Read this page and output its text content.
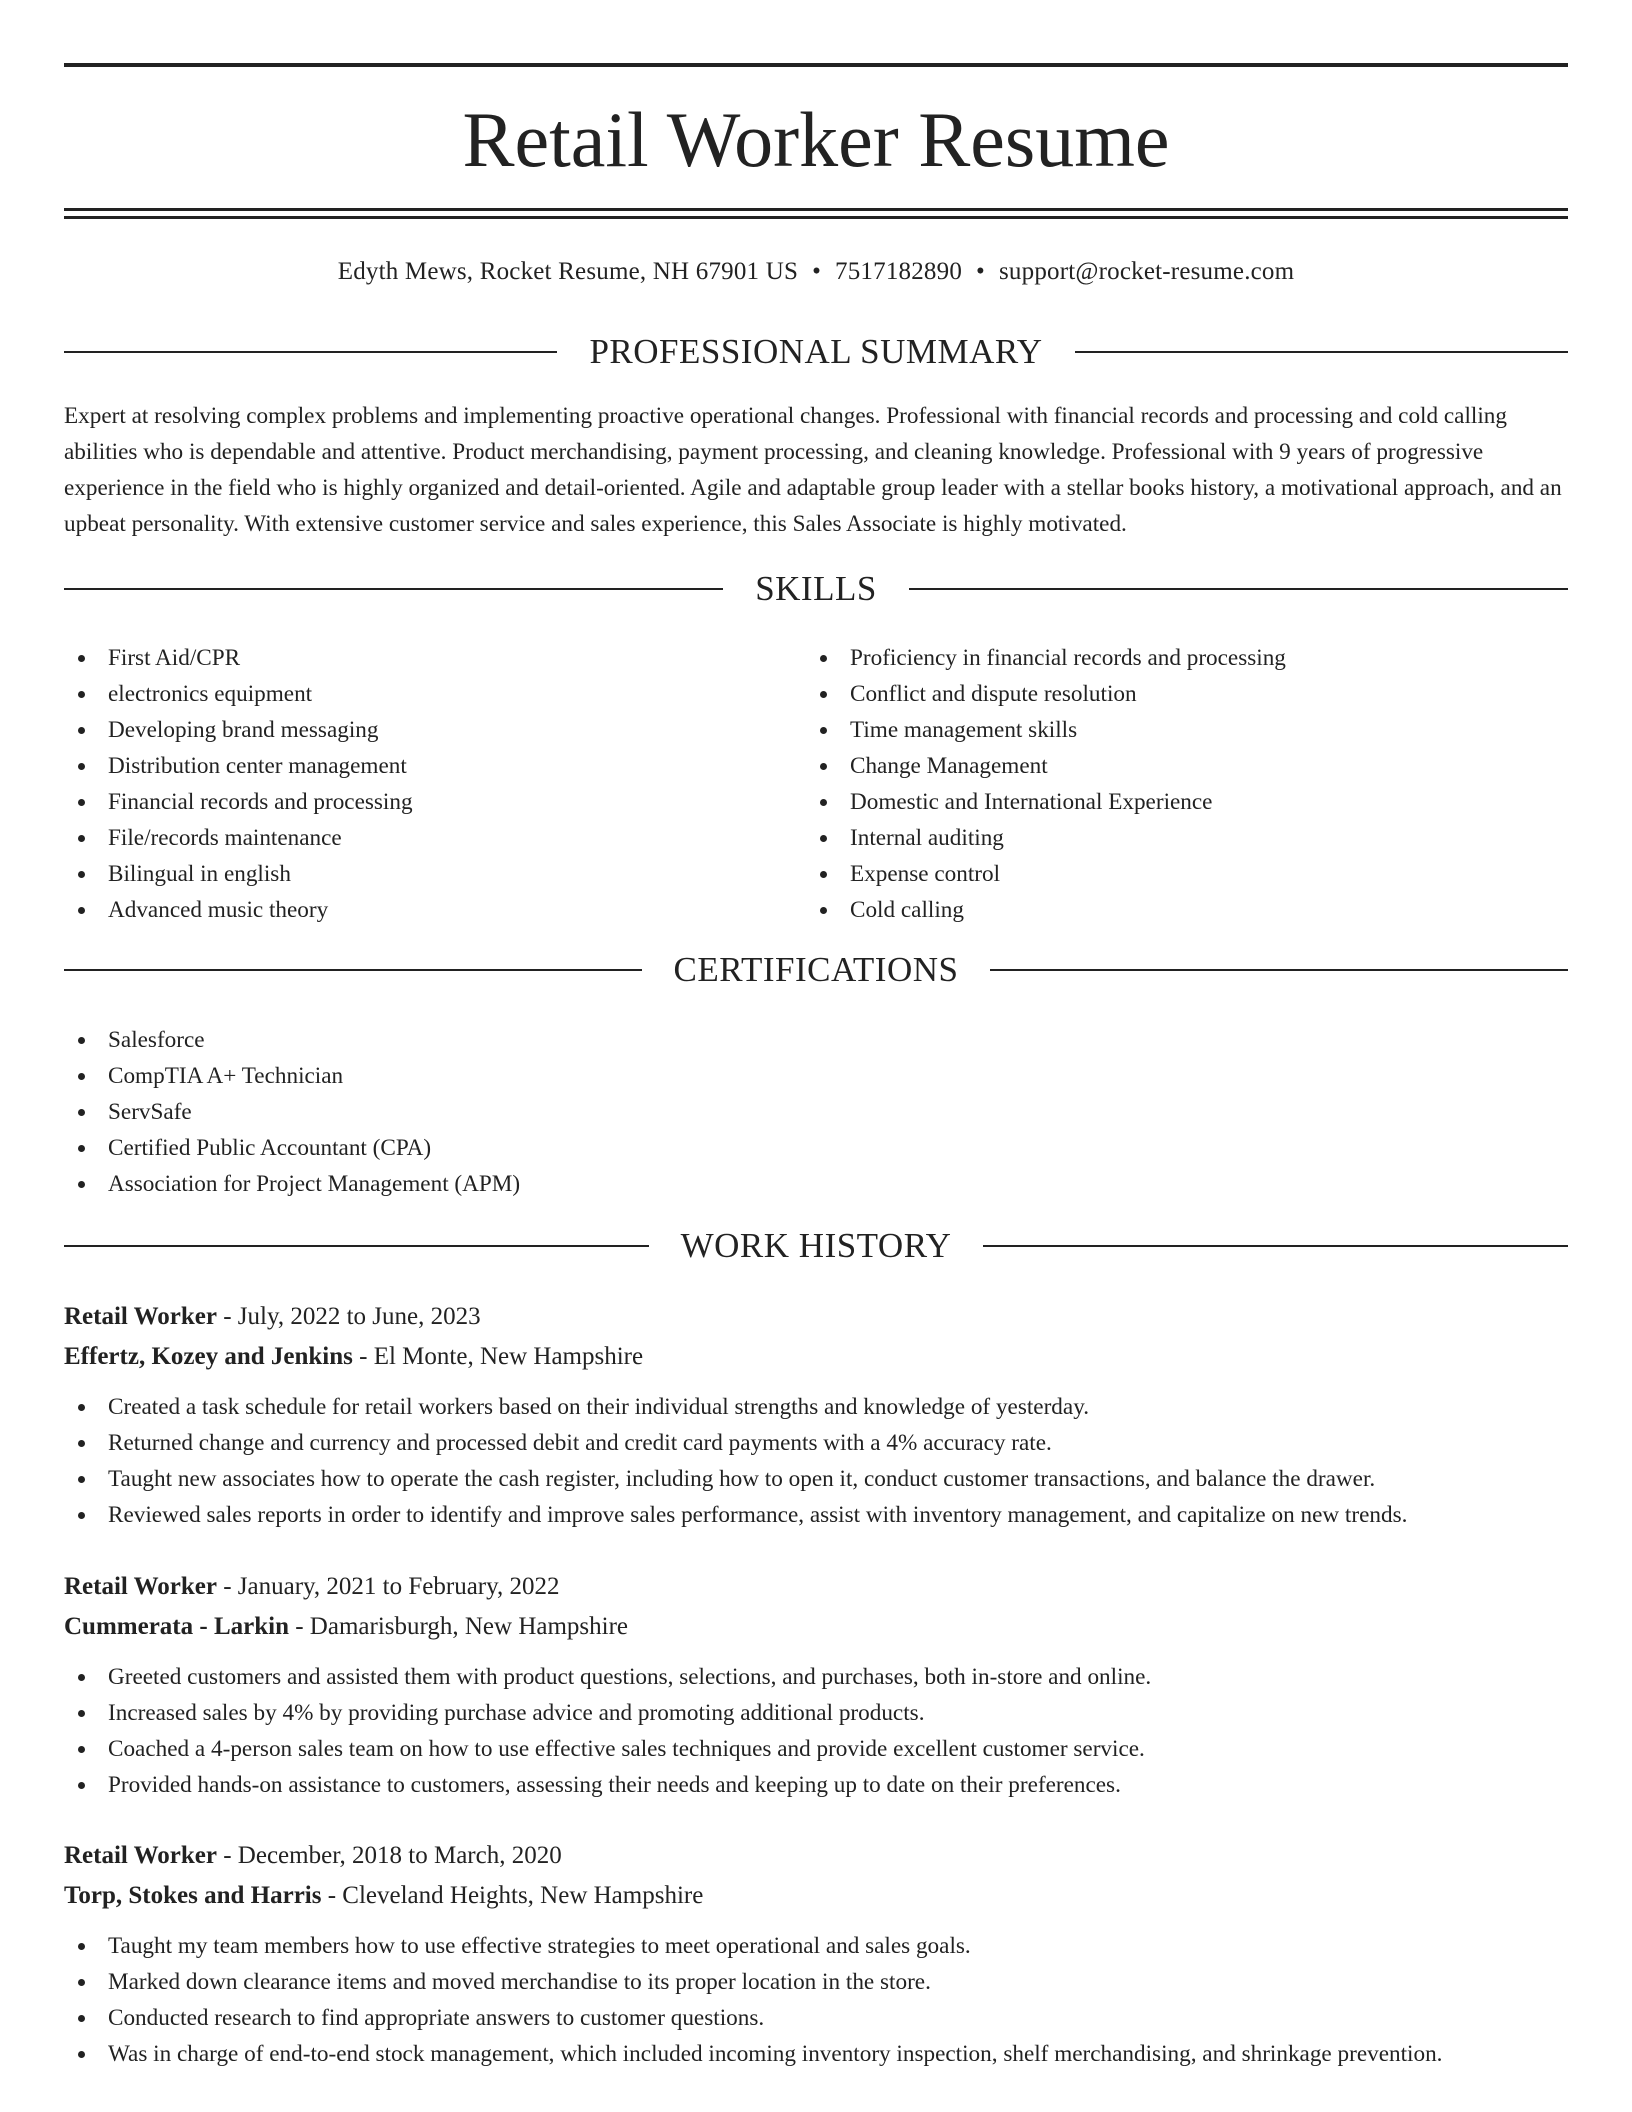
Retail Worker Resume
Edyth Mews, Rocket Resume, NH 67901 US • 7517182890 • support@rocket-resume.com
PROFESSIONAL SUMMARY

Expert at resolving complex problems and implementing proactive operational changes. Professional with financial records and processing and cold calling abilities who is dependable and attentive. Product merchandising, payment processing, and cleaning knowledge. Professional with 9 years of progressive experience in the field who is highly organized and detail-oriented. Agile and adaptable group leader with a stellar books history, a motivational approach, and an upbeat personality. With extensive customer service and sales experience, this Sales Associate is highly motivated.

SKILLS
First Aid/CPR
electronics equipment
Developing brand messaging
Distribution center management
Financial records and processing
File/records maintenance
Bilingual in english
Advanced music theory
Proficiency in financial records and processing
Conflict and dispute resolution
Time management skills
Change Management
Domestic and International Experience
Internal auditing
Expense control
Cold calling
CERTIFICATIONS
Salesforce
CompTIA A+ Technician
ServSafe
Certified Public Accountant (CPA)
Association for Project Management (APM)
WORK HISTORY
Retail Worker - July, 2022 to June, 2023
Effertz, Kozey and Jenkins - El Monte, New Hampshire
Created a task schedule for retail workers based on their individual strengths and knowledge of yesterday.
Returned change and currency and processed debit and credit card payments with a 4% accuracy rate.
Taught new associates how to operate the cash register, including how to open it, conduct customer transactions, and balance the drawer.
Reviewed sales reports in order to identify and improve sales performance, assist with inventory management, and capitalize on new trends.
Retail Worker - January, 2021 to February, 2022
Cummerata - Larkin - Damarisburgh, New Hampshire
Greeted customers and assisted them with product questions, selections, and purchases, both in-store and online.
Increased sales by 4% by providing purchase advice and promoting additional products.
Coached a 4-person sales team on how to use effective sales techniques and provide excellent customer service.
Provided hands-on assistance to customers, assessing their needs and keeping up to date on their preferences.
Retail Worker - December, 2018 to March, 2020
Torp, Stokes and Harris - Cleveland Heights, New Hampshire
Taught my team members how to use effective strategies to meet operational and sales goals.
Marked down clearance items and moved merchandise to its proper location in the store.
Conducted research to find appropriate answers to customer questions.
Was in charge of end-to-end stock management, which included incoming inventory inspection, shelf merchandising, and shrinkage prevention.
